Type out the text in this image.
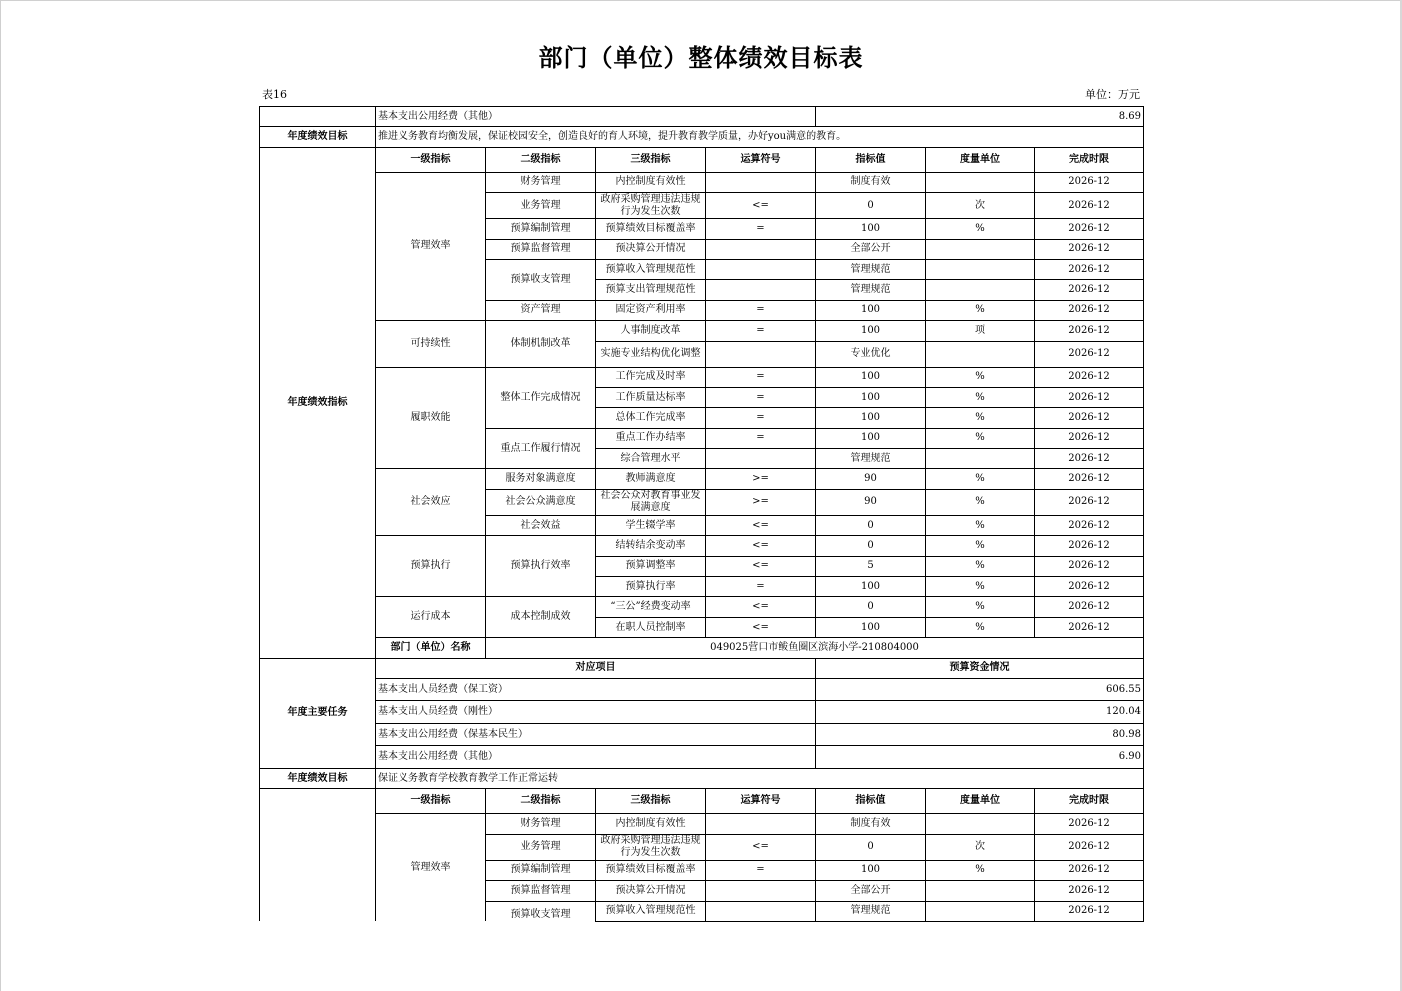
部门（单位）整体绩效目标表
表16	单位：万元
	基本支出公用经费（其他）				8.69		
年度绩效目标	推进义务教育均衡发展，保证校园安全，创造良好的育人环境，提升教育教学质量，办好you满意的教育。						
年度绩效指标	一级指标	二级指标	三级指标	运算符号	指标值	度量单位	完成时限
	管理效率	财务管理	内控制度有效性		制度有效		2026-12
		业务管理	政府采购管理违法违规行为发生次数	<=	0	次	2026-12
		预算编制管理	预算绩效目标覆盖率	=	100	%	2026-12
		预算监督管理	预决算公开情况		全部公开		2026-12
		预算收支管理	预算收入管理规范性		管理规范		2026-12
			预算支出管理规范性		管理规范		2026-12
		资产管理	固定资产利用率	=	100	%	2026-12
	可持续性	体制机制改革	人事制度改革	=	100	项	2026-12
			实施专业结构优化调整		专业优化		2026-12
	履职效能	整体工作完成情况	工作完成及时率	=	100	%	2026-12
			工作质量达标率	=	100	%	2026-12
			总体工作完成率	=	100	%	2026-12
		重点工作履行情况	重点工作办结率	=	100	%	2026-12
			综合管理水平		管理规范		2026-12
	社会效应	服务对象满意度	教师满意度	>=	90	%	2026-12
		社会公众满意度	社会公众对教育事业发展满意度	>=	90	%	2026-12
		社会效益	学生辍学率	<=	0	%	2026-12
	预算执行	预算执行效率	结转结余变动率	<=	0	%	2026-12
			预算调整率	<=	5	%	2026-12
			预算执行率	=	100	%	2026-12
	运行成本	成本控制成效	“三公”经费变动率	<=	0	%	2026-12
			在职人员控制率	<=	100	%	2026-12
	部门（单位）名称	049025营口市鲅鱼圈区滨海小学-210804000					
年度主要任务	对应项目				预算资金情况		
	基本支出人员经费（保工资）				606.55		
	基本支出人员经费（刚性）				120.04		
	基本支出公用经费（保基本民生）				80.98		
	基本支出公用经费（其他）				6.90		
年度绩效目标	保证义务教育学校教育教学工作正常运转						
	一级指标	二级指标	三级指标	运算符号	指标值	度量单位	完成时限
	管理效率	财务管理	内控制度有效性		制度有效		2026-12
		业务管理	政府采购管理违法违规行为发生次数	<=	0	次	2026-12
		预算编制管理	预算绩效目标覆盖率	=	100	%	2026-12
		预算监督管理	预决算公开情况		全部公开		2026-12
		预算收支管理	预算收入管理规范性		管理规范		2026-12
